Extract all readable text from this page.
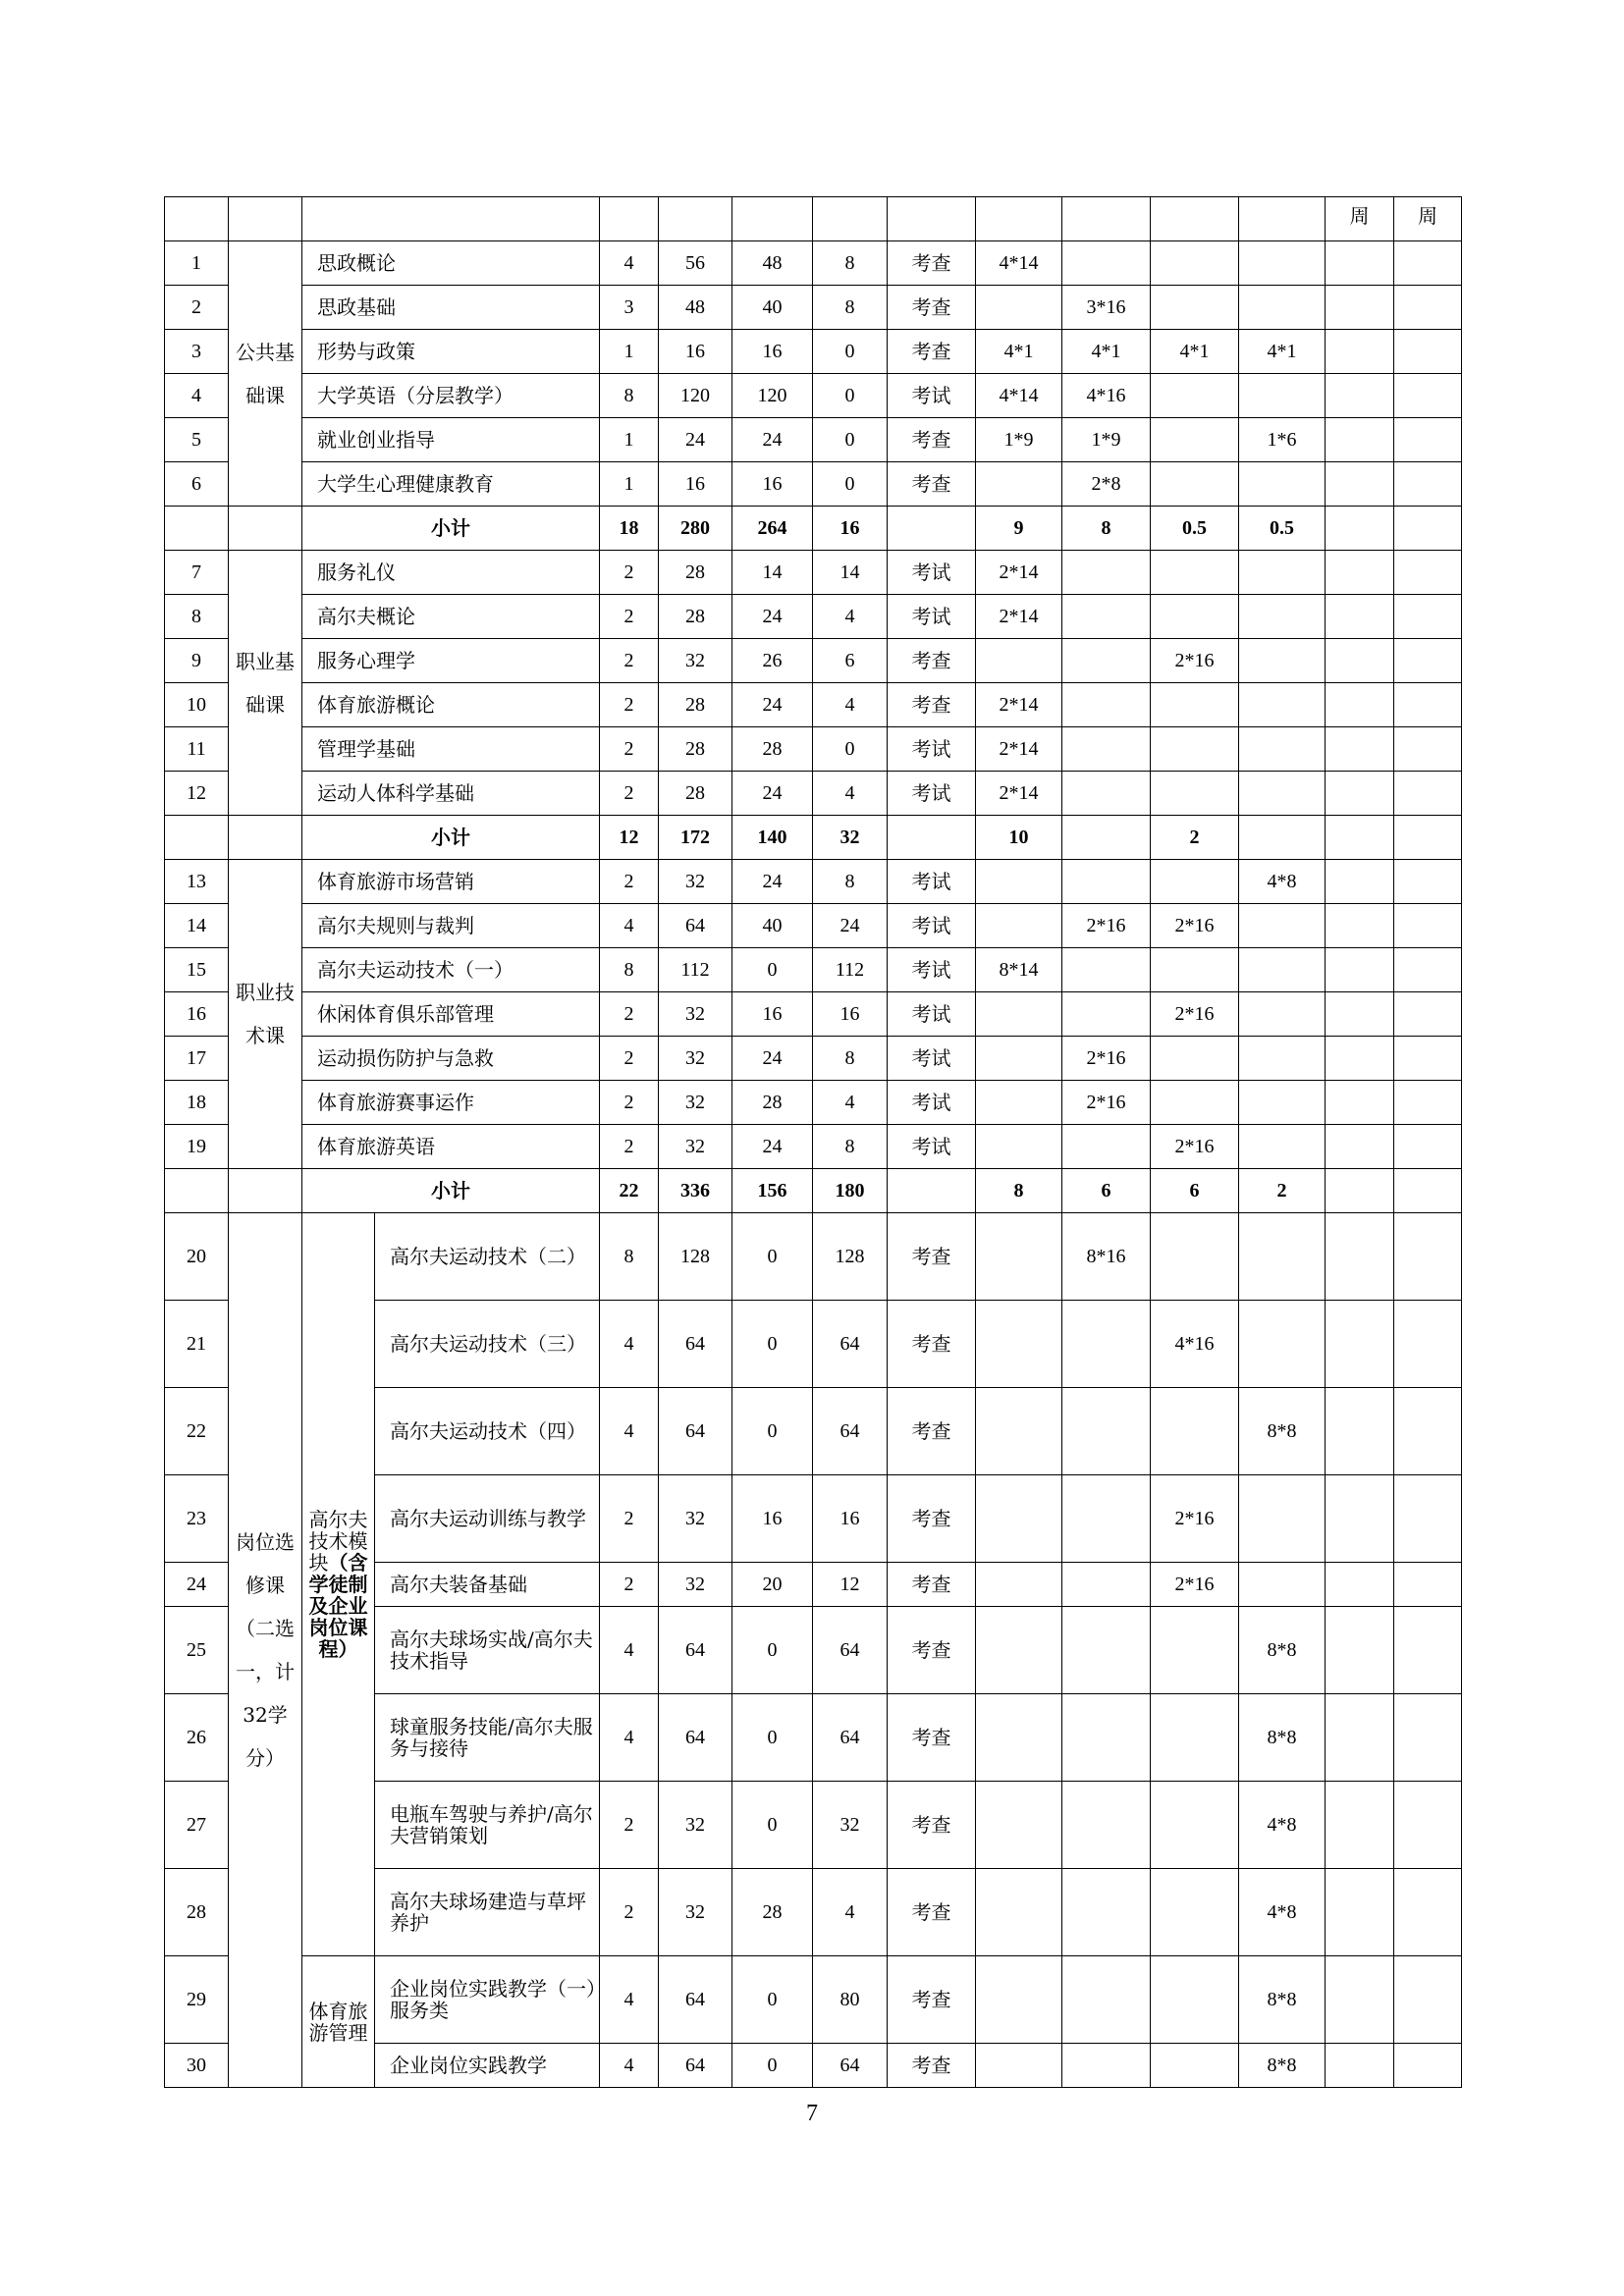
													周	周
1	公共基础课	思政概论		4	56	48	8	考查	4*14					
2		思政基础		3	48	40	8	考查		3*16				
3		形势与政策		1	16	16	0	考查	4*1	4*1	4*1	4*1		
4		大学英语（分层教学）		8	120	120	0	考试	4*14	4*16				
5		就业创业指导		1	24	24	0	考查	1*9	1*9		1*6		
6		大学生心理健康教育		1	16	16	0	考查		2*8				
		小计		18	280	264	16		9	8	0.5	0.5		
7	职业基础课	服务礼仪		2	28	14	14	考试	2*14					
8		高尔夫概论		2	28	24	4	考试	2*14					
9		服务心理学		2	32	26	6	考查			2*16			
10		体育旅游概论		2	28	24	4	考查	2*14					
11		管理学基础		2	28	28	0	考试	2*14					
12		运动人体科学基础		2	28	24	4	考试	2*14					
		小计		12	172	140	32		10		2			
13	职业技术课	体育旅游市场营销		2	32	24	8	考试				4*8		
14		高尔夫规则与裁判		4	64	40	24	考试		2*16	2*16			
15		高尔夫运动技术（一）		8	112	0	112	考试	8*14					
16		休闲体育俱乐部管理		2	32	16	16	考试			2*16			
17		运动损伤防护与急救		2	32	24	8	考试		2*16				
18		体育旅游赛事运作		2	32	28	4	考试		2*16				
19		体育旅游英语		2	32	24	8	考试			2*16			
		小计		22	336	156	180		8	6	6	2		
20	岗位选修课（二选一，计32学分）	高尔夫技术模块（含学徒制及企业岗位课程）	高尔夫运动技术（二）	8	128	0	128	考查		8*16				
21			高尔夫运动技术（三）	4	64	0	64	考查			4*16			
22			高尔夫运动技术（四）	4	64	0	64	考查				8*8		
23			高尔夫运动训练与教学	2	32	16	16	考查			2*16			
24			高尔夫装备基础	2	32	20	12	考查			2*16			
25			高尔夫球场实战/高尔夫技术指导	4	64	0	64	考查				8*8		
26			球童服务技能/高尔夫服务与接待	4	64	0	64	考查				8*8		
27			电瓶车驾驶与养护/高尔夫营销策划	2	32	0	32	考查				4*8		
28			高尔夫球场建造与草坪养护	2	32	28	4	考查				4*8		
29		体育旅游管理	企业岗位实践教学（一）服务类	4	64	0	80	考查				8*8		
30			企业岗位实践教学	4	64	0	64	考查				8*8		
7
